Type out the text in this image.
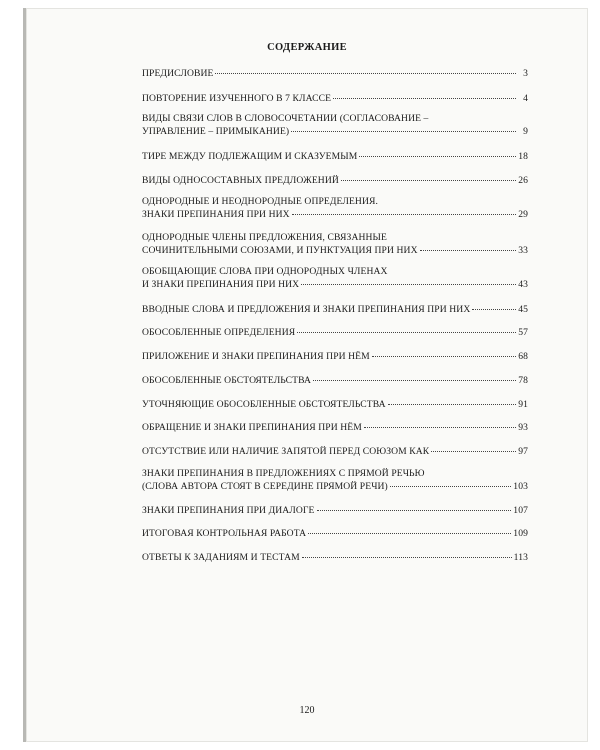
СОДЕРЖАНИЕ
ПРЕДИСЛОВИЕ	3
ПОВТОРЕНИЕ ИЗУЧЕННОГО В 7 КЛАССЕ	4
ВИДЫ СВЯЗИ СЛОВ В СЛОВОСОЧЕТАНИИ (СОГЛАСОВАНИЕ –
УПРАВЛЕНИЕ – ПРИМЫКАНИЕ)	9
ТИРЕ МЕЖДУ ПОДЛЕЖАЩИМ И СКАЗУЕМЫМ	18
ВИДЫ ОДНОСОСТАВНЫХ ПРЕДЛОЖЕНИЙ	26
ОДНОРОДНЫЕ И НЕОДНОРОДНЫЕ ОПРЕДЕЛЕНИЯ.
ЗНАКИ ПРЕПИНАНИЯ ПРИ НИХ	29
ОДНОРОДНЫЕ ЧЛЕНЫ ПРЕДЛОЖЕНИЯ, СВЯЗАННЫЕ
СОЧИНИТЕЛЬНЫМИ СОЮЗАМИ, И ПУНКТУАЦИЯ ПРИ НИХ	33
ОБОБЩАЮЩИЕ СЛОВА ПРИ ОДНОРОДНЫХ ЧЛЕНАХ
И ЗНАКИ ПРЕПИНАНИЯ ПРИ НИХ	43
ВВОДНЫЕ СЛОВА И ПРЕДЛОЖЕНИЯ И ЗНАКИ ПРЕПИНАНИЯ ПРИ НИХ	45
ОБОСОБЛЕННЫЕ ОПРЕДЕЛЕНИЯ	57
ПРИЛОЖЕНИЕ И ЗНАКИ ПРЕПИНАНИЯ ПРИ НЁМ	68
ОБОСОБЛЕННЫЕ ОБСТОЯТЕЛЬСТВА	78
УТОЧНЯЮЩИЕ ОБОСОБЛЕННЫЕ ОБСТОЯТЕЛЬСТВА	91
ОБРАЩЕНИЕ И ЗНАКИ ПРЕПИНАНИЯ ПРИ НЁМ	93
ОТСУТСТВИЕ ИЛИ НАЛИЧИЕ ЗАПЯТОЙ ПЕРЕД СОЮЗОМ КАК	97
ЗНАКИ ПРЕПИНАНИЯ В ПРЕДЛОЖЕНИЯХ С ПРЯМОЙ РЕЧЬЮ
(СЛОВА АВТОРА СТОЯТ В СЕРЕДИНЕ ПРЯМОЙ РЕЧИ)	103
ЗНАКИ ПРЕПИНАНИЯ ПРИ ДИАЛОГЕ	107
ИТОГОВАЯ КОНТРОЛЬНАЯ РАБОТА	109
ОТВЕТЫ К ЗАДАНИЯМ И ТЕСТАМ	113
120
